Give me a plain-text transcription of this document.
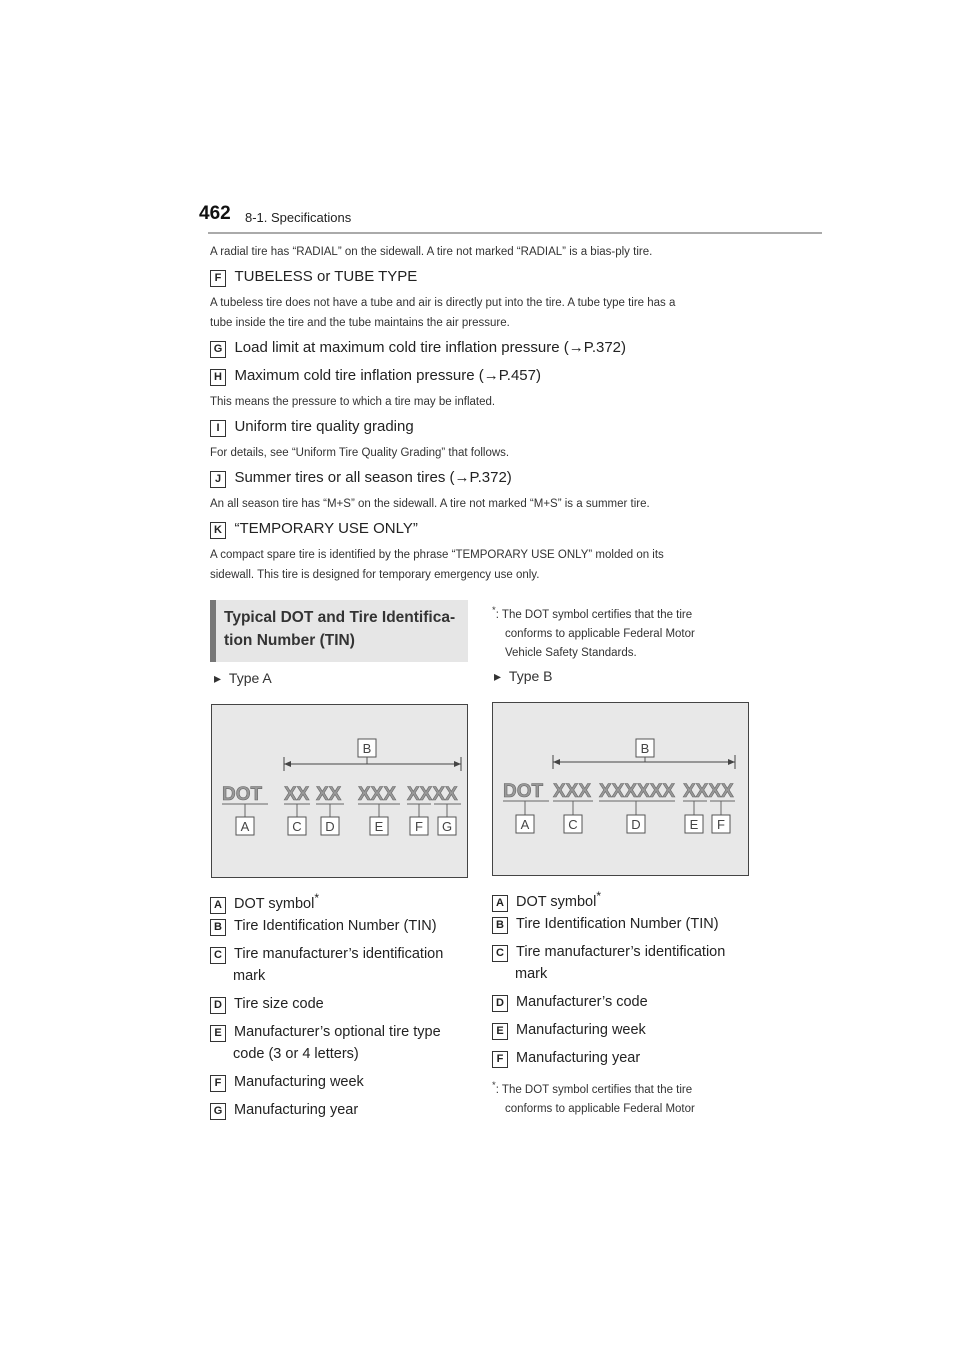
462 8-1. Specifications
A radial tire has “RADIAL” on the sidewall. A tire not marked “RADIAL” is a bias-ply tire.
F TUBELESS or TUBE TYPE
A tubeless tire does not have a tube and air is directly put into the tire. A tube type tire has a
tube inside the tire and the tube maintains the air pressure.
G Load limit at maximum cold tire inflation pressure (→P.372)
H Maximum cold tire inflation pressure (→P.457)
This means the pressure to which a tire may be inflated.
I Uniform tire quality grading
For details, see “Uniform Tire Quality Grading” that follows.
J Summer tires or all season tires (→P.372)
An all season tire has “M+S” on the sidewall. A tire not marked “M+S” is a summer tire.
K “TEMPORARY USE ONLY”
A compact spare tire is identified by the phrase “TEMPORARY USE ONLY” molded on its
sidewall. This tire is designed for temporary emergency use only.
Typical DOT and Tire Identifica-
tion Number (TIN)
*: The DOT symbol certifies that the tire
conforms to applicable Federal Motor
Vehicle Safety Standards.
▸ Type A	▸ Type B
B
DOT XX XX XXX XXXX
A	C D	E F G
B
DOT XXX XXXXXX XXXX
A	C	D	E F
A DOT symbol*
B Tire Identification Number (TIN)
C Tire manufacturer’s identification
mark
D Tire size code
E Manufacturer’s optional tire type
code (3 or 4 letters)
F Manufacturing week
G Manufacturing year
A DOT symbol*
B Tire Identification Number (TIN)
C Tire manufacturer’s identification
mark
D Manufacturer’s code
E Manufacturing week
F Manufacturing year
*: The DOT symbol certifies that the tire
conforms to applicable Federal Motor
